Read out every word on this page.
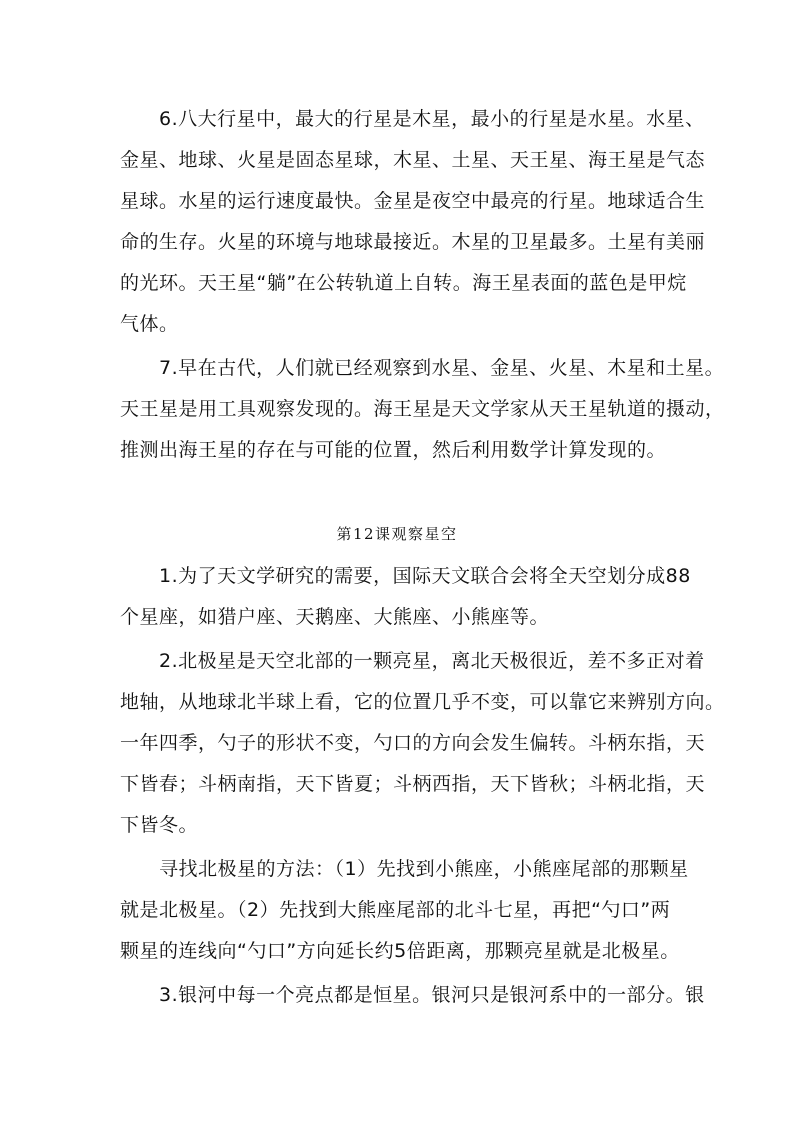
6.八大行星中，最大的行星是木星，最小的行星是水星。水星、
金星、地球、火星是固态星球，木星、土星、天王星、海王星是气态
星球。水星的运行速度最快。金星是夜空中最亮的行星。地球适合生
命的生存。火星的环境与地球最接近。木星的卫星最多。土星有美丽
的光环。天王星“躺”在公转轨道上自转。海王星表面的蓝色是甲烷
气体。
7.早在古代，人们就已经观察到水星、金星、火星、木星和土星。
天王星是用工具观察发现的。海王星是天文学家从天王星轨道的摄动，
推测出海王星的存在与可能的位置，然后利用数学计算发现的。
第12课观察星空
1.为了天文学研究的需要，国际天文联合会将全天空划分成88
个星座，如猎户座、天鹅座、大熊座、小熊座等。
2.北极星是天空北部的一颗亮星，离北天极很近，差不多正对着
地轴，从地球北半球上看，它的位置几乎不变，可以靠它来辨别方向。
一年四季，勺子的形状不变，勺口的方向会发生偏转。斗柄东指，天
下皆春；斗柄南指，天下皆夏；斗柄西指，天下皆秋；斗柄北指，天
下皆冬。
寻找北极星的方法：（1）先找到小熊座，小熊座尾部的那颗星
就是北极星。（2）先找到大熊座尾部的北斗七星，再把“勺口”两
颗星的连线向“勺口”方向延长约5倍距离，那颗亮星就是北极星。
3.银河中每一个亮点都是恒星。银河只是银河系中的一部分。银
